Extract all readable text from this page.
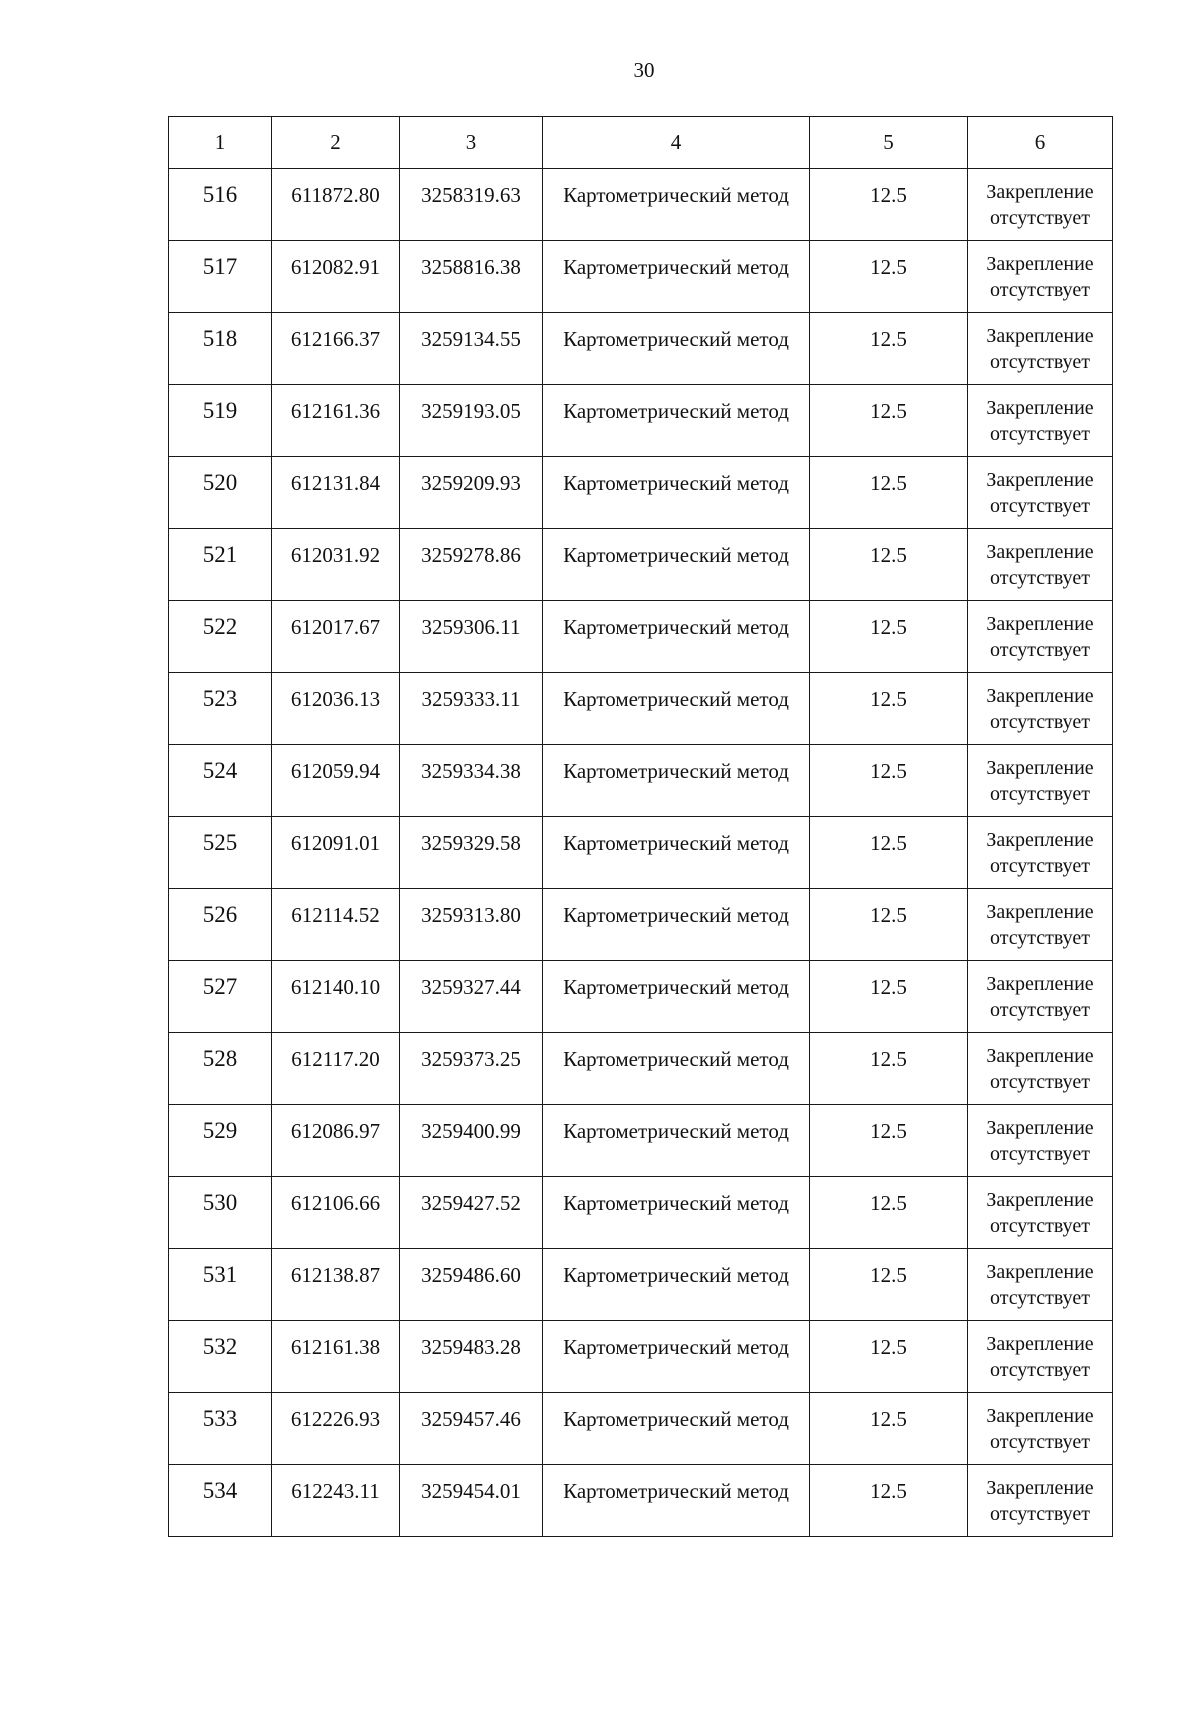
30
1	2	3	4	5	6
516	611872.80	3258319.63	Картометрический метод	12.5	Закрепление
отсутствует

517	612082.91	3258816.38	Картометрический метод	12.5	Закрепление
отсутствует

518	612166.37	3259134.55	Картометрический метод	12.5	Закрепление
отсутствует

519	612161.36	3259193.05	Картометрический метод	12.5	Закрепление
отсутствует

520	612131.84	3259209.93	Картометрический метод	12.5	Закрепление
отсутствует

521	612031.92	3259278.86	Картометрический метод	12.5	Закрепление
отсутствует

522	612017.67	3259306.11	Картометрический метод	12.5	Закрепление
отсутствует

523	612036.13	3259333.11	Картометрический метод	12.5	Закрепление
отсутствует

524	612059.94	3259334.38	Картометрический метод	12.5	Закрепление
отсутствует

525	612091.01	3259329.58	Картометрический метод	12.5	Закрепление
отсутствует

526	612114.52	3259313.80	Картометрический метод	12.5	Закрепление
отсутствует

527	612140.10	3259327.44	Картометрический метод	12.5	Закрепление
отсутствует

528	612117.20	3259373.25	Картометрический метод	12.5	Закрепление
отсутствует

529	612086.97	3259400.99	Картометрический метод	12.5	Закрепление
отсутствует

530	612106.66	3259427.52	Картометрический метод	12.5	Закрепление
отсутствует

531	612138.87	3259486.60	Картометрический метод	12.5	Закрепление
отсутствует

532	612161.38	3259483.28	Картометрический метод	12.5	Закрепление
отсутствует

533	612226.93	3259457.46	Картометрический метод	12.5	Закрепление
отсутствует

534	612243.11	3259454.01	Картометрический метод	12.5	Закрепление
отсутствует
